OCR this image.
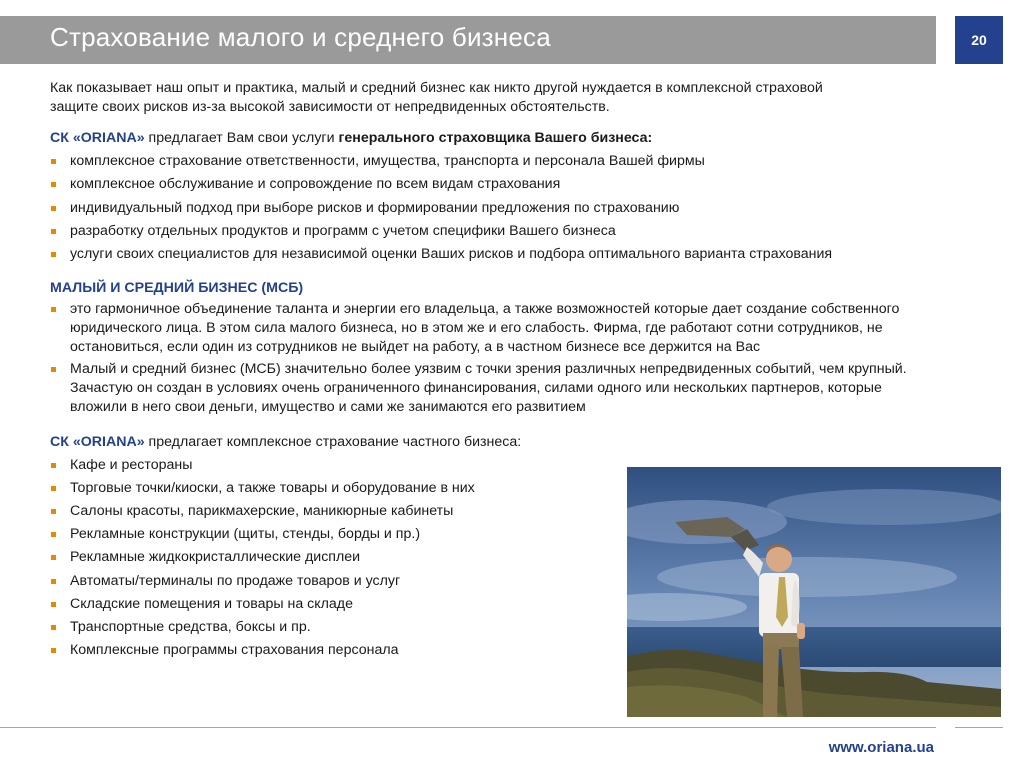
Страхование малого и среднего бизнеса	20

Как показывает наш опыт и практика, малый и средний бизнес как никто другой нуждается в комплексной страховой защите своих рисков из-за высокой зависимости от непредвиденных обстоятельств.

СК «ORIANA» предлагает Вам свои услуги генерального страховщика Вашего бизнеса:

комплексное страхование ответственности, имущества, транспорта и персонала Вашей фирмы
комплексное обслуживание и сопровождение по всем видам страхования
индивидуальный подход при выборе рисков и формировании предложения по страхованию
разработку отдельных продуктов и программ с учетом специфики Вашего бизнеса
услуги своих специалистов для независимой оценки Ваших рисков и подбора оптимального варианта страхования

МАЛЫЙ И СРЕДНИЙ БИЗНЕС (МСБ)

это гармоничное объединение таланта и энергии его владельца, а также возможностей которые дает создание собственного юридического лица. В этом сила малого бизнеса, но в этом же и его слабость. Фирма, где работают сотни сотрудников, не остановиться, если один из сотрудников не выйдет на работу, а в частном бизнесе все держится на Вас
Малый и средний бизнес (МСБ) значительно более уязвим с точки зрения различных непредвиденных событий, чем крупный. Зачастую он создан в условиях очень ограниченного финансирования, силами одного или нескольких партнеров, которые вложили в него свои деньги, имущество и сами же занимаются его развитием

СК «ORIANA» предлагает комплексное страхование частного бизнеса:

Кафе и рестораны
Торговые точки/киоски, а также товары и оборудование в них
Салоны красоты, парикмахерские, маникюрные кабинеты
Рекламные конструкции (щиты, стенды, борды и пр.)
Рекламные жидкокристаллические дисплеи
Автоматы/терминалы по продаже товаров и услуг
Складские помещения и товары на складе
Транспортные средства, боксы и пр.
Комплексные программы страхования персонала
www.oriana.ua
